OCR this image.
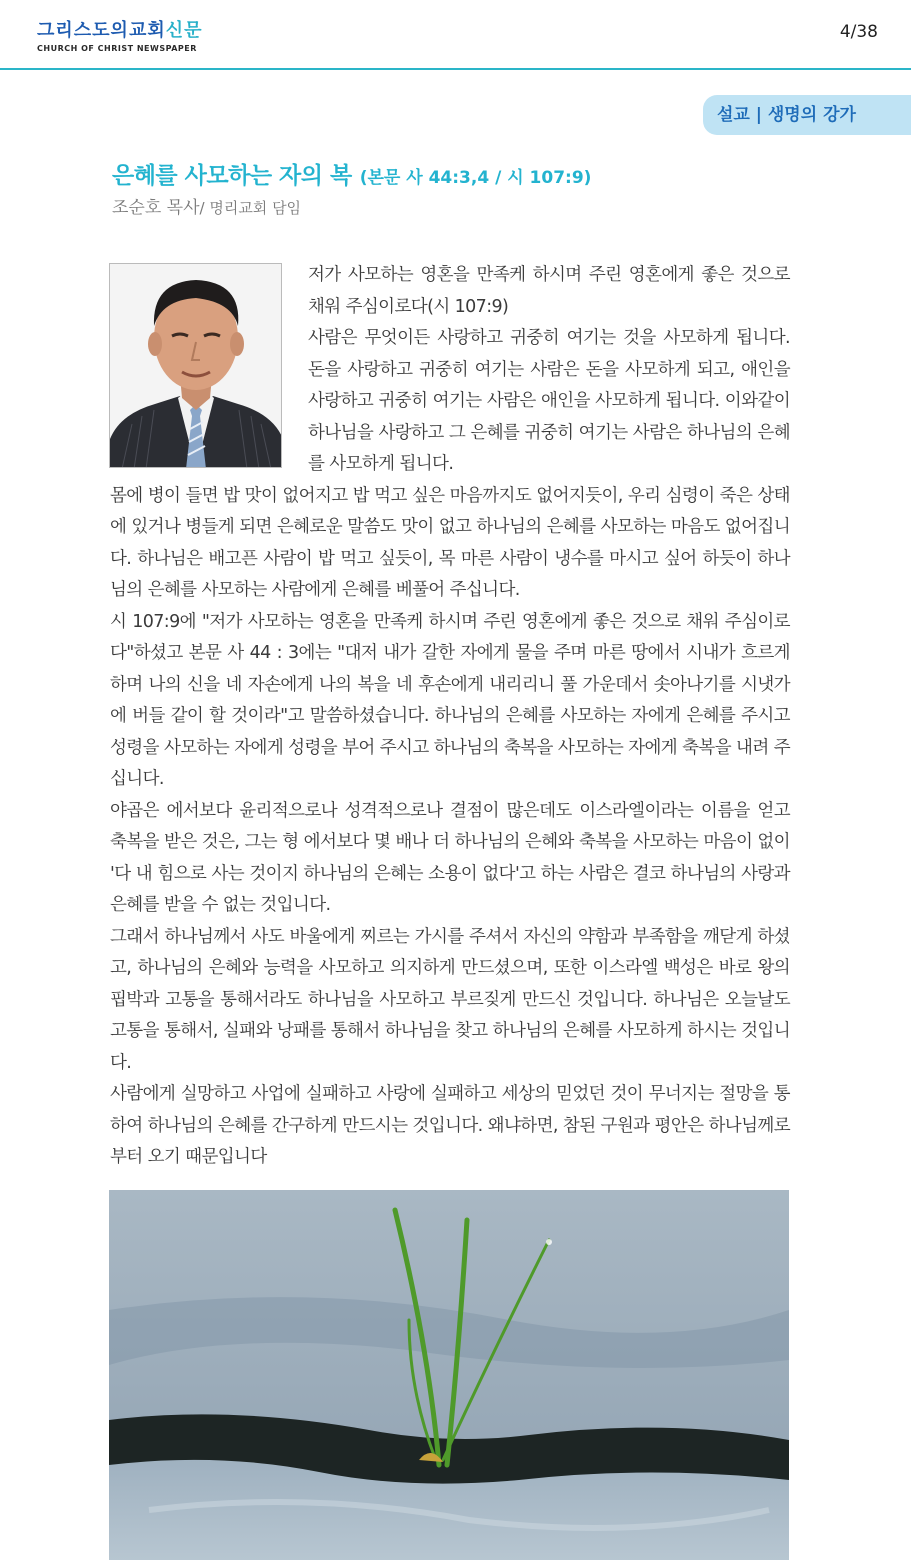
그리스도의교회신문
CHURCH OF CHRIST NEWSPAPER
4/38
설교 | 생명의 강가
은혜를 사모하는 자의 복 (본문 사 44:3,4 / 시 107:9)
조순호 목사/ 명리교회 담임

저가 사모하는 영혼을 만족케 하시며 주린 영혼에게 좋은 것으로 채워 주심이로다(시 107:9)

사람은 무엇이든 사랑하고 귀중히 여기는 것을 사모하게 됩니다. 돈을 사랑하고 귀중히 여기는 사람은 돈을 사모하게 되고, 애인을 사랑하고 귀중히 여기는 사람은 애인을 사모하게 됩니다. 이와같이 하나님을 사랑하고 그 은혜를 귀중히 여기는 사람은 하나님의 은혜를 사모하게 됩니다.

몸에 병이 들면 밥 맛이 없어지고 밥 먹고 싶은 마음까지도 없어지듯이, 우리 심령이 죽은 상태에 있거나 병들게 되면 은혜로운 말씀도 맛이 없고 하나님의 은혜를 사모하는 마음도 없어집니다. 하나님은 배고픈 사람이 밥 먹고 싶듯이, 목 마른 사람이 냉수를 마시고 싶어 하듯이 하나님의 은혜를 사모하는 사람에게 은혜를 베풀어 주십니다.

시 107:9에 "저가 사모하는 영혼을 만족케 하시며 주린 영혼에게 좋은 것으로 채워 주심이로다"하셨고 본문 사 44 : 3에는 "대저 내가 갈한 자에게 물을 주며 마른 땅에서 시내가 흐르게 하며 나의 신을 네 자손에게 나의 복을 네 후손에게 내리리니 풀 가운데서 솟아나기를 시냇가에 버들 같이 할 것이라"고 말씀하셨습니다. 하나님의 은혜를 사모하는 자에게 은혜를 주시고 성령을 사모하는 자에게 성령을 부어 주시고 하나님의 축복을 사모하는 자에게 축복을 내려 주십니다.

야곱은 에서보다 윤리적으로나 성격적으로나 결점이 많은데도 이스라엘이라는 이름을 얻고 축복을 받은 것은, 그는 형 에서보다 몇 배나 더 하나님의 은혜와 축복을 사모하는 마음이 없이 '다 내 힘으로 사는 것이지 하나님의 은혜는 소용이 없다'고 하는 사람은 결코 하나님의 사랑과 은혜를 받을 수 없는 것입니다.

그래서 하나님께서 사도 바울에게 찌르는 가시를 주셔서 자신의 약함과 부족함을 깨닫게 하셨고, 하나님의 은혜와 능력을 사모하고 의지하게 만드셨으며, 또한 이스라엘 백성은 바로 왕의 핍박과 고통을 통해서라도 하나님을 사모하고 부르짖게 만드신 것입니다. 하나님은 오늘날도 고통을 통해서, 실패와 낭패를 통해서 하나님을 찾고 하나님의 은혜를 사모하게 하시는 것입니다.

사람에게 실망하고 사업에 실패하고 사랑에 실패하고 세상의 믿었던 것이 무너지는 절망을 통하여 하나님의 은혜를 간구하게 만드시는 것입니다. 왜냐하면, 참된 구원과 평안은 하나님께로부터 오기 때문입니다
